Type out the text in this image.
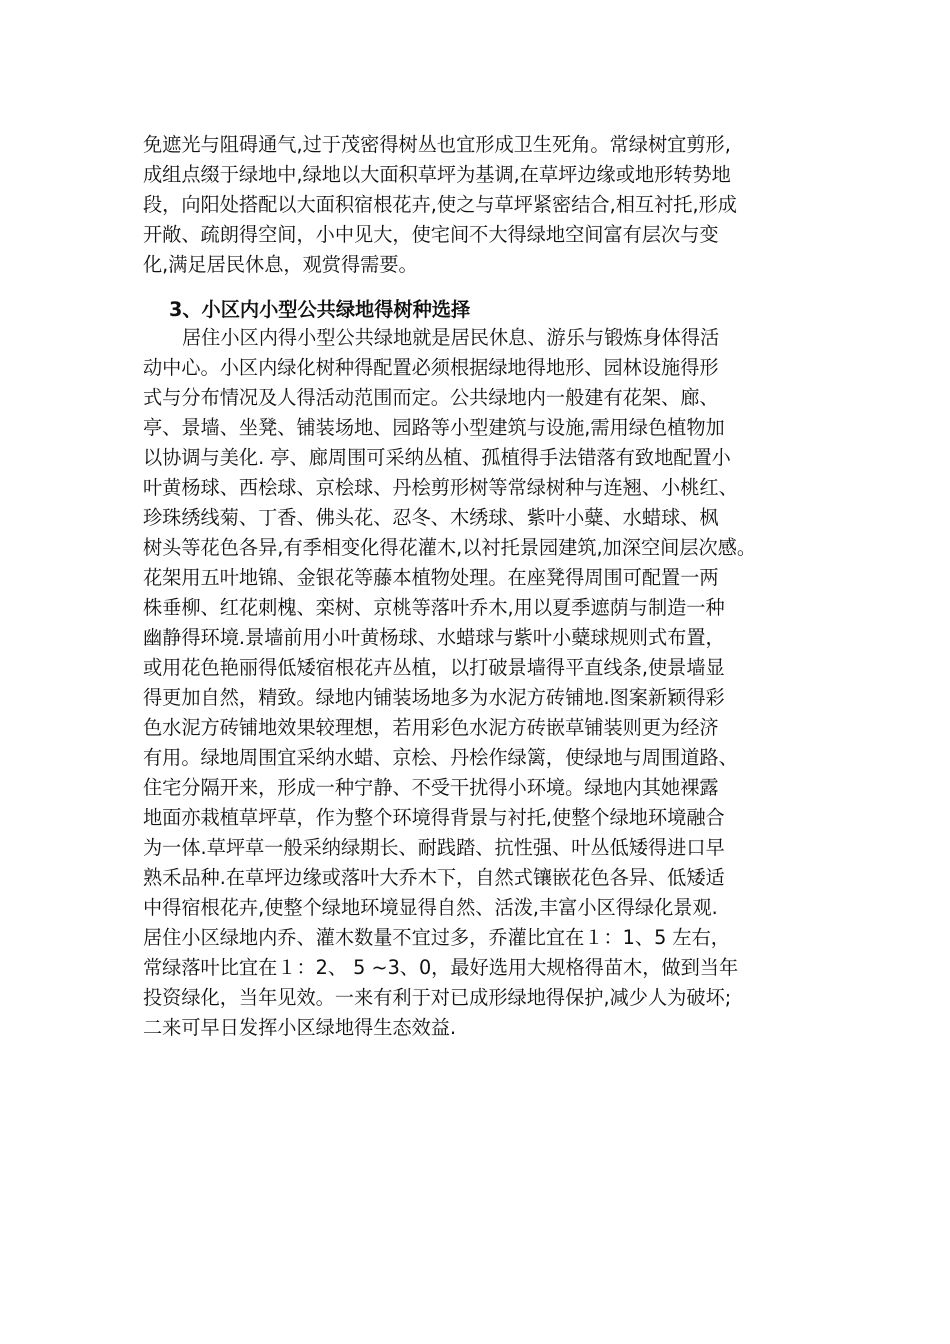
免遮光与阻碍通气,过于茂密得树丛也宜形成卫生死角。常绿树宜剪形,
成组点缀于绿地中,绿地以大面积草坪为基调,在草坪边缘或地形转势地
段，向阳处搭配以大面积宿根花卉,使之与草坪紧密结合,相互衬托,形成
开敞、疏朗得空间，小中见大，使宅间不大得绿地空间富有层次与变
化,满足居民休息，观赏得需要。
3、小区内小型公共绿地得树种选择
居住小区内得小型公共绿地就是居民休息、游乐与锻炼身体得活
动中心。小区内绿化树种得配置必须根据绿地得地形、园林设施得形
式与分布情况及人得活动范围而定。公共绿地内一般建有花架、廊、
亭、景墙、坐凳、铺装场地、园路等小型建筑与设施,需用绿色植物加
以协调与美化. 亭、廊周围可采纳丛植、孤植得手法错落有致地配置小
叶黄杨球、西桧球、京桧球、丹桧剪形树等常绿树种与连翘、小桃红、
珍珠绣线菊、丁香、佛头花、忍冬、木绣球、紫叶小糵、水蜡球、枫
树头等花色各异,有季相变化得花灌木,以衬托景园建筑,加深空间层次感。
花架用五叶地锦、金银花等藤本植物处理。在座凳得周围可配置一两
株垂柳、红花刺槐、栾树、京桃等落叶乔木,用以夏季遮荫与制造一种
幽静得环境.景墙前用小叶黄杨球、水蜡球与紫叶小糵球规则式布置，
或用花色艳丽得低矮宿根花卉丛植，以打破景墙得平直线条,使景墙显
得更加自然，精致。绿地内铺装场地多为水泥方砖铺地.图案新颖得彩
色水泥方砖铺地效果较理想，若用彩色水泥方砖嵌草铺装则更为经济
有用。绿地周围宜采纳水蜡、京桧、丹桧作绿篱，使绿地与周围道路、
住宅分隔开来，形成一种宁静、不受干扰得小环境。绿地内其她裸露
地面亦栽植草坪草，作为整个环境得背景与衬托,使整个绿地环境融合
为一体.草坪草一般采纳绿期长、耐践踏、抗性强、叶丛低矮得进口早
熟禾品种.在草坪边缘或落叶大乔木下，自然式镶嵌花色各异、低矮适
中得宿根花卉,使整个绿地环境显得自然、活泼,丰富小区得绿化景观.
居住小区绿地内乔、灌木数量不宜过多，乔灌比宜在１：1、5 左右，
常绿落叶比宜在１：2、 5 ~3、0，最好选用大规格得苗木，做到当年
投资绿化，当年见效。一来有利于对已成形绿地得保护,减少人为破坏;
二来可早日发挥小区绿地得生态效益.
